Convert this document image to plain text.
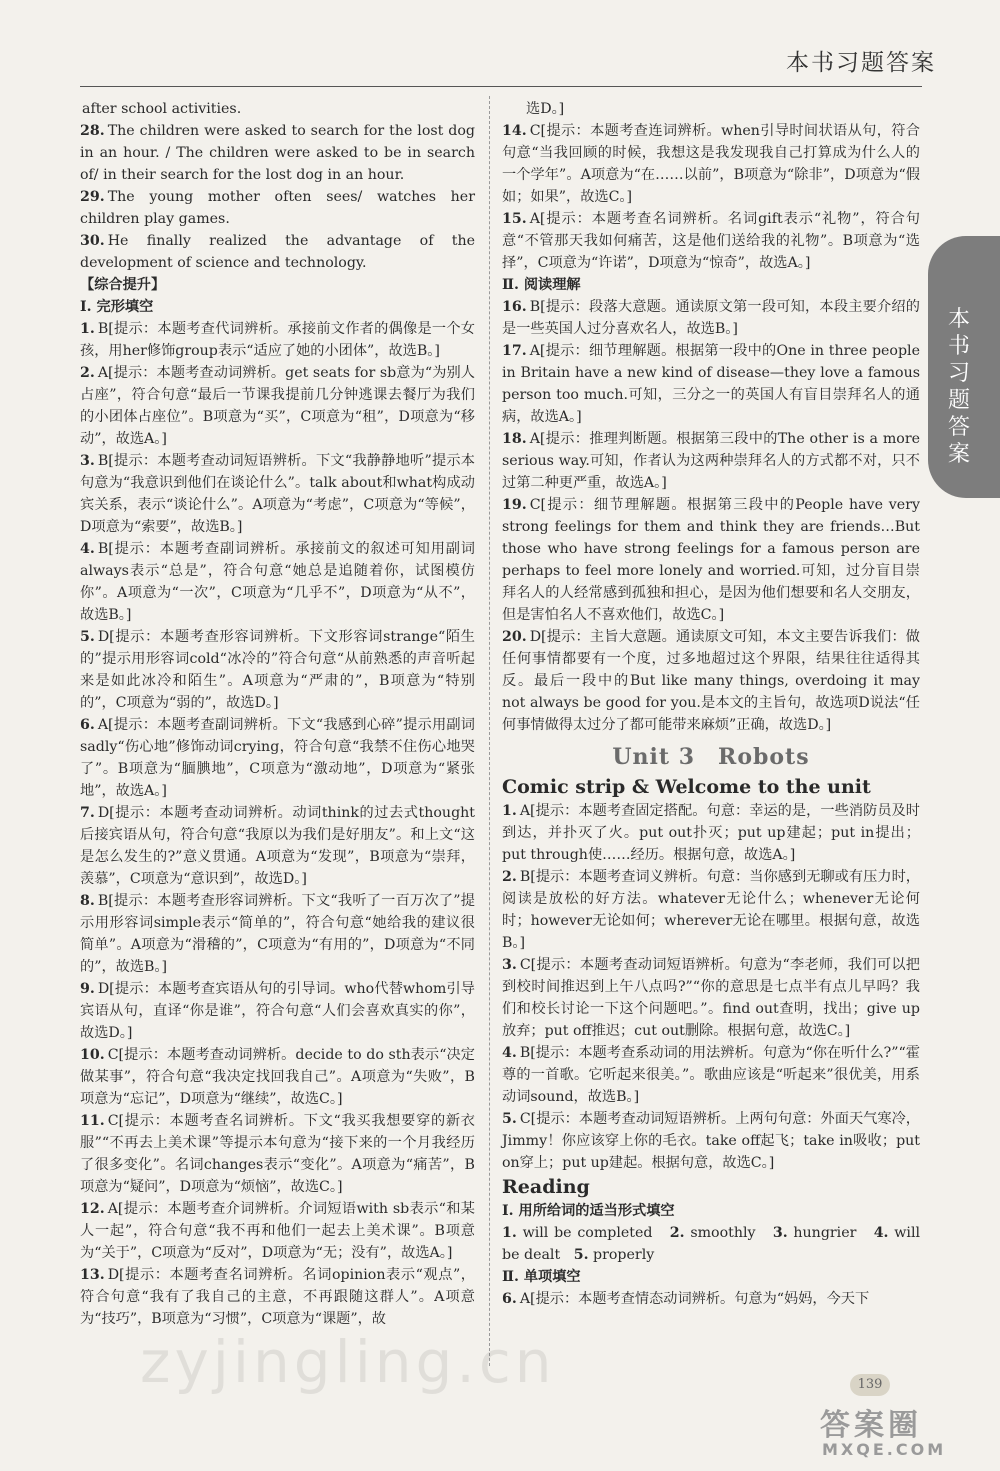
本书习题答案
本书习题答案
after school activities.
28. The children were asked to search for the lost dog in an hour. / The children were asked to be in search of/ in their search for the lost dog in an hour.
29. The young mother often sees/ watches her children play games.
30. He finally realized the advantage of the development of science and technology.
【综合提升】
Ⅰ. 完形填空
1. B[提示：本题考查代词辨析。承接前文作者的偶像是一个女孩，用her修饰group表示“适应了她的小团体”，故选B。]
2. A[提示：本题考查动词辨析。get seats for sb意为“为别人占座”，符合句意“最后一节课我提前几分钟逃课去餐厅为我们的小团体占座位”。B项意为“买”，C项意为“租”，D项意为“移动”，故选A。]
3. B[提示：本题考查动词短语辨析。下文“我静静地听”提示本句意为“我意识到他们在谈论什么”。talk about和what构成动宾关系，表示“谈论什么”。A项意为“考虑”，C项意为“等候”，D项意为“索要”，故选B。]
4. B[提示：本题考查副词辨析。承接前文的叙述可知用副词always表示“总是”，符合句意“她总是追随着你，试图模仿你”。A项意为“一次”，C项意为“几乎不”，D项意为“从不”，故选B。]
5. D[提示：本题考查形容词辨析。下文形容词strange“陌生的”提示用形容词cold“冰冷的”符合句意“从前熟悉的声音听起来是如此冰冷和陌生”。A项意为“严肃的”，B项意为“特别的”，C项意为“弱的”，故选D。]
6. A[提示：本题考查副词辨析。下文“我感到心碎”提示用副词sadly“伤心地”修饰动词crying，符合句意“我禁不住伤心地哭了”。B项意为“腼腆地”，C项意为“激动地”，D项意为“紧张地”，故选A。]
7. D[提示：本题考查动词辨析。动词think的过去式thought后接宾语从句，符合句意“我原以为我们是好朋友”。和上文“这是怎么发生的?”意义贯通。A项意为“发现”，B项意为“崇拜，羡慕”，C项意为“意识到”，故选D。]
8. B[提示：本题考查形容词辨析。下文“我听了一百万次了”提示用形容词simple表示“简单的”，符合句意“她给我的建议很简单”。A项意为“滑稽的”，C项意为“有用的”，D项意为“不同的”，故选B。]
9. D[提示：本题考查宾语从句的引导词。who代替whom引导宾语从句，直译“你是谁”，符合句意“人们会喜欢真实的你”，故选D。]
10. C[提示：本题考查动词辨析。decide to do sth表示“决定做某事”，符合句意“我决定找回我自己”。A项意为“失败”，B项意为“忘记”，D项意为“继续”，故选C。]
11. C[提示：本题考查名词辨析。下文“我买我想要穿的新衣服”“不再去上美术课”等提示本句意为“接下来的一个月我经历了很多变化”。名词changes表示“变化”。A项意为“痛苦”，B项意为“疑问”，D项意为“烦恼”，故选C。]
12. A[提示：本题考查介词辨析。介词短语with sb表示“和某人一起”，符合句意“我不再和他们一起去上美术课”。B项意为“关于”，C项意为“反对”，D项意为“无；没有”，故选A。]
13. D[提示：本题考查名词辨析。名词opinion表示“观点”，符合句意“我有了我自己的主意，不再跟随这群人”。A项意为“技巧”，B项意为“习惯”，C项意为“课题”，故
选D。]
14. C[提示：本题考查连词辨析。when引导时间状语从句，符合句意“当我回顾的时候，我想这是我发现我自己打算成为什么人的一个学年”。A项意为“在……以前”，B项意为“除非”，D项意为“假如；如果”，故选C。]
15. A[提示：本题考查名词辨析。名词gift表示“礼物”，符合句意“不管那天我如何痛苦，这是他们送给我的礼物”。B项意为“选择”，C项意为“许诺”，D项意为“惊奇”，故选A。]
Ⅱ. 阅读理解
16. B[提示：段落大意题。通读原文第一段可知，本段主要介绍的是一些英国人过分喜欢名人，故选B。]
17. A[提示：细节理解题。根据第一段中的One in three people in Britain have a new kind of disease—they love a famous person too much.可知，三分之一的英国人有盲目崇拜名人的通病，故选A。]
18. A[提示：推理判断题。根据第三段中的The other is a more serious way.可知，作者认为这两种崇拜名人的方式都不对，只不过第二种更严重，故选A。]
19. C[提示：细节理解题。根据第三段中的People have very strong feelings for them and think they are friends…But those who have strong feelings for a famous person are perhaps to feel more lonely and worried.可知，过分盲目崇拜名人的人经常感到孤独和担心，是因为他们想要和名人交朋友，但是害怕名人不喜欢他们，故选C。]
20. D[提示：主旨大意题。通读原文可知，本文主要告诉我们：做任何事情都要有一个度，过多地超过这个界限，结果往往适得其反。最后一段中的But like many things, overdoing it may not always be good for you.是本文的主旨句，故选项D说法“任何事情做得太过分了都可能带来麻烦”正确，故选D。]
Unit 3　Robots
Comic strip & Welcome to the unit
1. A[提示：本题考查固定搭配。句意：幸运的是，一些消防员及时到达，并扑灭了火。put out扑灭；put up建起；put in提出；put through使……经历。根据句意，故选A。]
2. B[提示：本题考查词义辨析。句意：当你感到无聊或有压力时，阅读是放松的好方法。whatever无论什么；whenever无论何时；however无论如何；wherever无论在哪里。根据句意，故选B。]
3. C[提示：本题考查动词短语辨析。句意为“李老师，我们可以把到校时间推迟到上午八点吗?”“你的意思是七点半有点儿早吗？我们和校长讨论一下这个问题吧。”。find out查明，找出；give up放弃；put off推迟；cut out删除。根据句意，故选C。]
4. B[提示：本题考查系动词的用法辨析。句意为“你在听什么?”“霍尊的一首歌。它听起来很美。”。歌曲应该是“听起来”很优美，用系动词sound，故选B。]
5. C[提示：本题考查动词短语辨析。上两句句意：外面天气寒冷，Jimmy！你应该穿上你的毛衣。take off起飞；take in吸收；put on穿上；put up建起。根据句意，故选C。]
Reading
Ⅰ. 用所给词的适当形式填空
1. will be completed 2. smoothly 3. hungrier 4. will be dealt 5. properly
Ⅱ. 单项填空
6. A[提示：本题考查情态动词辨析。句意为“妈妈，今天下
zyjingling.cn	139
答案圈
MXQE.COM
